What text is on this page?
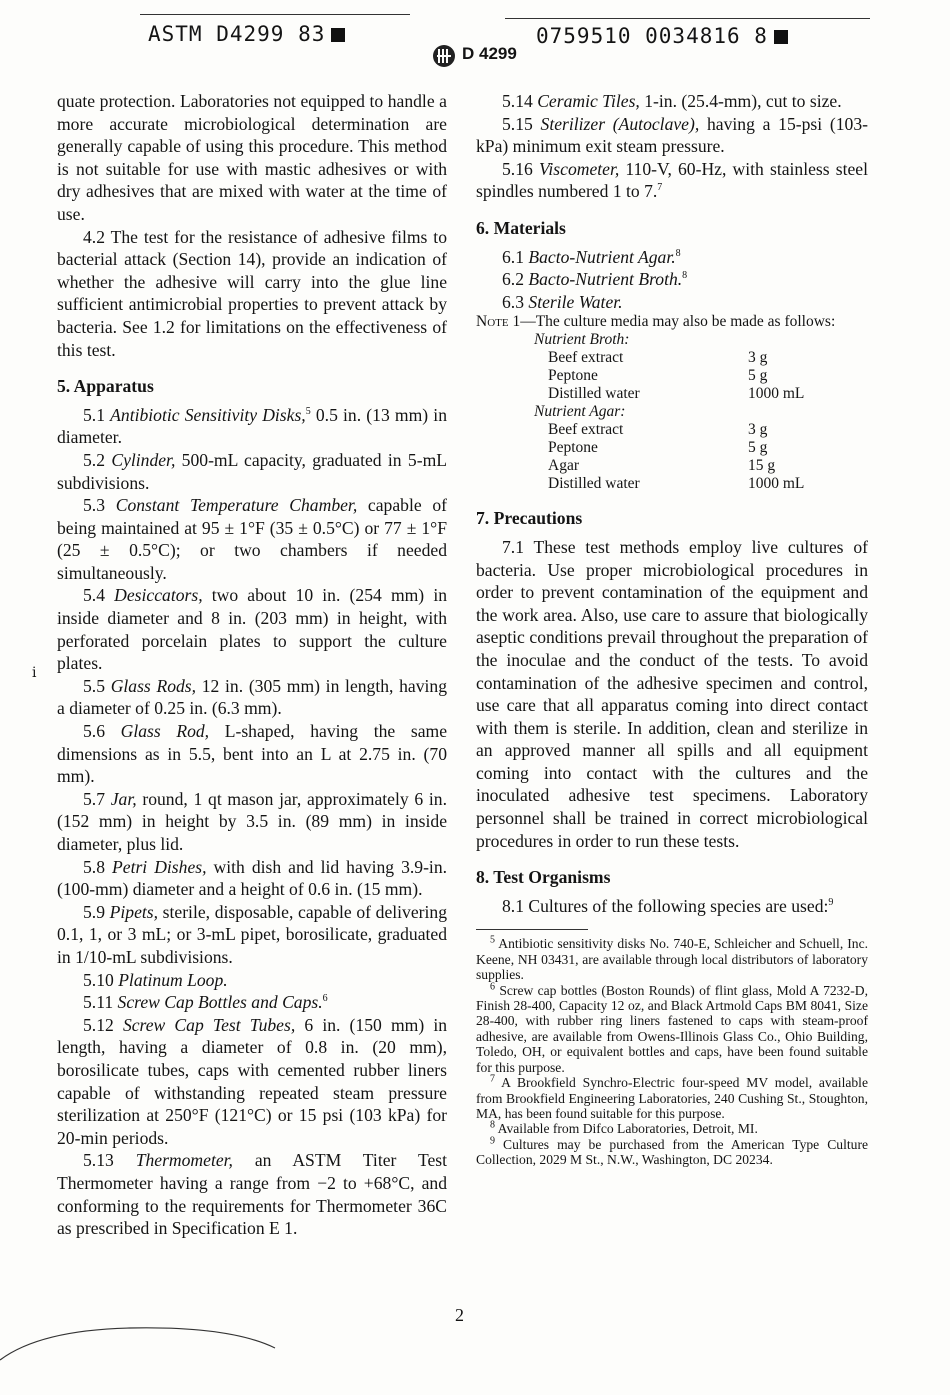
ASTM D4299 83	0759510 0034816 8
D 4299

quate protection. Laboratories not equipped to handle a more accurate microbiological determination are generally capable of using this procedure. This method is not suitable for use with mastic adhesives or with dry adhesives that are mixed with water at the time of use.

4.2 The test for the resistance of adhesive films to bacterial attack (Section 14), provide an indication of whether the adhesive will carry into the glue line sufficient antimicrobial properties to prevent attack by bacteria. See 1.2 for limitations on the effectiveness of this test.

5. Apparatus

5.1 Antibiotic Sensitivity Disks,$^5$ 0.5 in. (13 mm) in diameter.

5.2 Cylinder, 500-mL capacity, graduated in 5-mL subdivisions.

5.3 Constant Temperature Chamber, capable of being maintained at 95 ± 1°F (35 ± 0.5°C) or 77 ± 1°F (25 ± 0.5°C); or two chambers if needed simultaneously.

5.4 Desiccators, two about 10 in. (254 mm) in inside diameter and 8 in. (203 mm) in height, with perforated porcelain plates to support the culture plates.

5.5 Glass Rods, 12 in. (305 mm) in length, having a diameter of 0.25 in. (6.3 mm).

5.6 Glass Rod, L-shaped, having the same dimensions as in 5.5, bent into an L at 2.75 in. (70 mm).

5.7 Jar, round, 1 qt mason jar, approximately 6 in. (152 mm) in height by 3.5 in. (89 mm) in inside diameter, plus lid.

5.8 Petri Dishes, with dish and lid having 3.9-in. (100-mm) diameter and a height of 0.6 in. (15 mm).

5.9 Pipets, sterile, disposable, capable of delivering 0.1, 1, or 3 mL; or 3-mL pipet, borosilicate, graduated in 1/10-mL subdivisions.

5.10 Platinum Loop.

5.11 Screw Cap Bottles and Caps.$^6$

5.12 Screw Cap Test Tubes, 6 in. (150 mm) in length, having a diameter of 0.8 in. (20 mm), borosilicate tubes, caps with cemented rubber liners capable of withstanding repeated steam pressure sterilization at 250°F (121°C) or 15 psi (103 kPa) for 20-min periods.

5.13 Thermometer, an ASTM Titer Test Thermometer having a range from −2 to +68°C, and conforming to the requirements for Thermometer 36C as prescribed in Specification E 1.

5.14 Ceramic Tiles, 1-in. (25.4-mm), cut to size.

5.15 Sterilizer (Autoclave), having a 15-psi (103-kPa) minimum exit steam pressure.

5.16 Viscometer, 110-V, 60-Hz, with stainless steel spindles numbered 1 to 7.$^7$

6. Materials

6.1 Bacto-Nutrient Agar.$^8$

6.2 Bacto-Nutrient Broth.$^8$

6.3 Sterile Water.

Note 1—The culture media may also be made as follows:

Nutrient Broth:
Beef extract	3 g
Peptone	5 g
Distilled water	1000 mL
Nutrient Agar:
Beef extract	3 g
Peptone	5 g
Agar	15 g
Distilled water	1000 mL
7. Precautions

7.1 These test methods employ live cultures of bacteria. Use proper microbiological procedures in order to prevent contamination of the equipment and the work area. Also, use care to assure that biologically aseptic conditions prevail throughout the preparation of the inoculae and the conduct of the tests. To avoid contamination of the adhesive specimen and control, use care that all apparatus coming into direct contact with them is sterile. In addition, clean and sterilize in an approved manner all spills and all equipment coming into contact with the cultures and the inoculated adhesive test specimens. Laboratory personnel shall be trained in correct microbiological procedures in order to run these tests.

8. Test Organisms

8.1 Cultures of the following species are used:$^9$

$^5$ Antibiotic sensitivity disks No. 740-E, Schleicher and Schuell, Inc. Keene, NH 03431, are available through local distributors of laboratory supplies.

$^6$ Screw cap bottles (Boston Rounds) of flint glass, Mold A 7232-D, Finish 28-400, Capacity 12 oz, and Black Artmold Caps BM 8041, Size 28-400, with rubber ring liners fastened to caps with steam-proof adhesive, are available from Owens-Illinois Glass Co., Ohio Building, Toledo, OH, or equivalent bottles and caps, have been found suitable for this purpose.

$^7$ A Brookfield Synchro-Electric four-speed MV model, available from Brookfield Engineering Laboratories, 240 Cushing St., Stoughton, MA, has been found suitable for this purpose.

$^8$ Available from Difco Laboratories, Detroit, MI.

$^9$ Cultures may be purchased from the American Type Culture Collection, 2029 M St., N.W., Washington, DC 20234.

ⅰ
2
